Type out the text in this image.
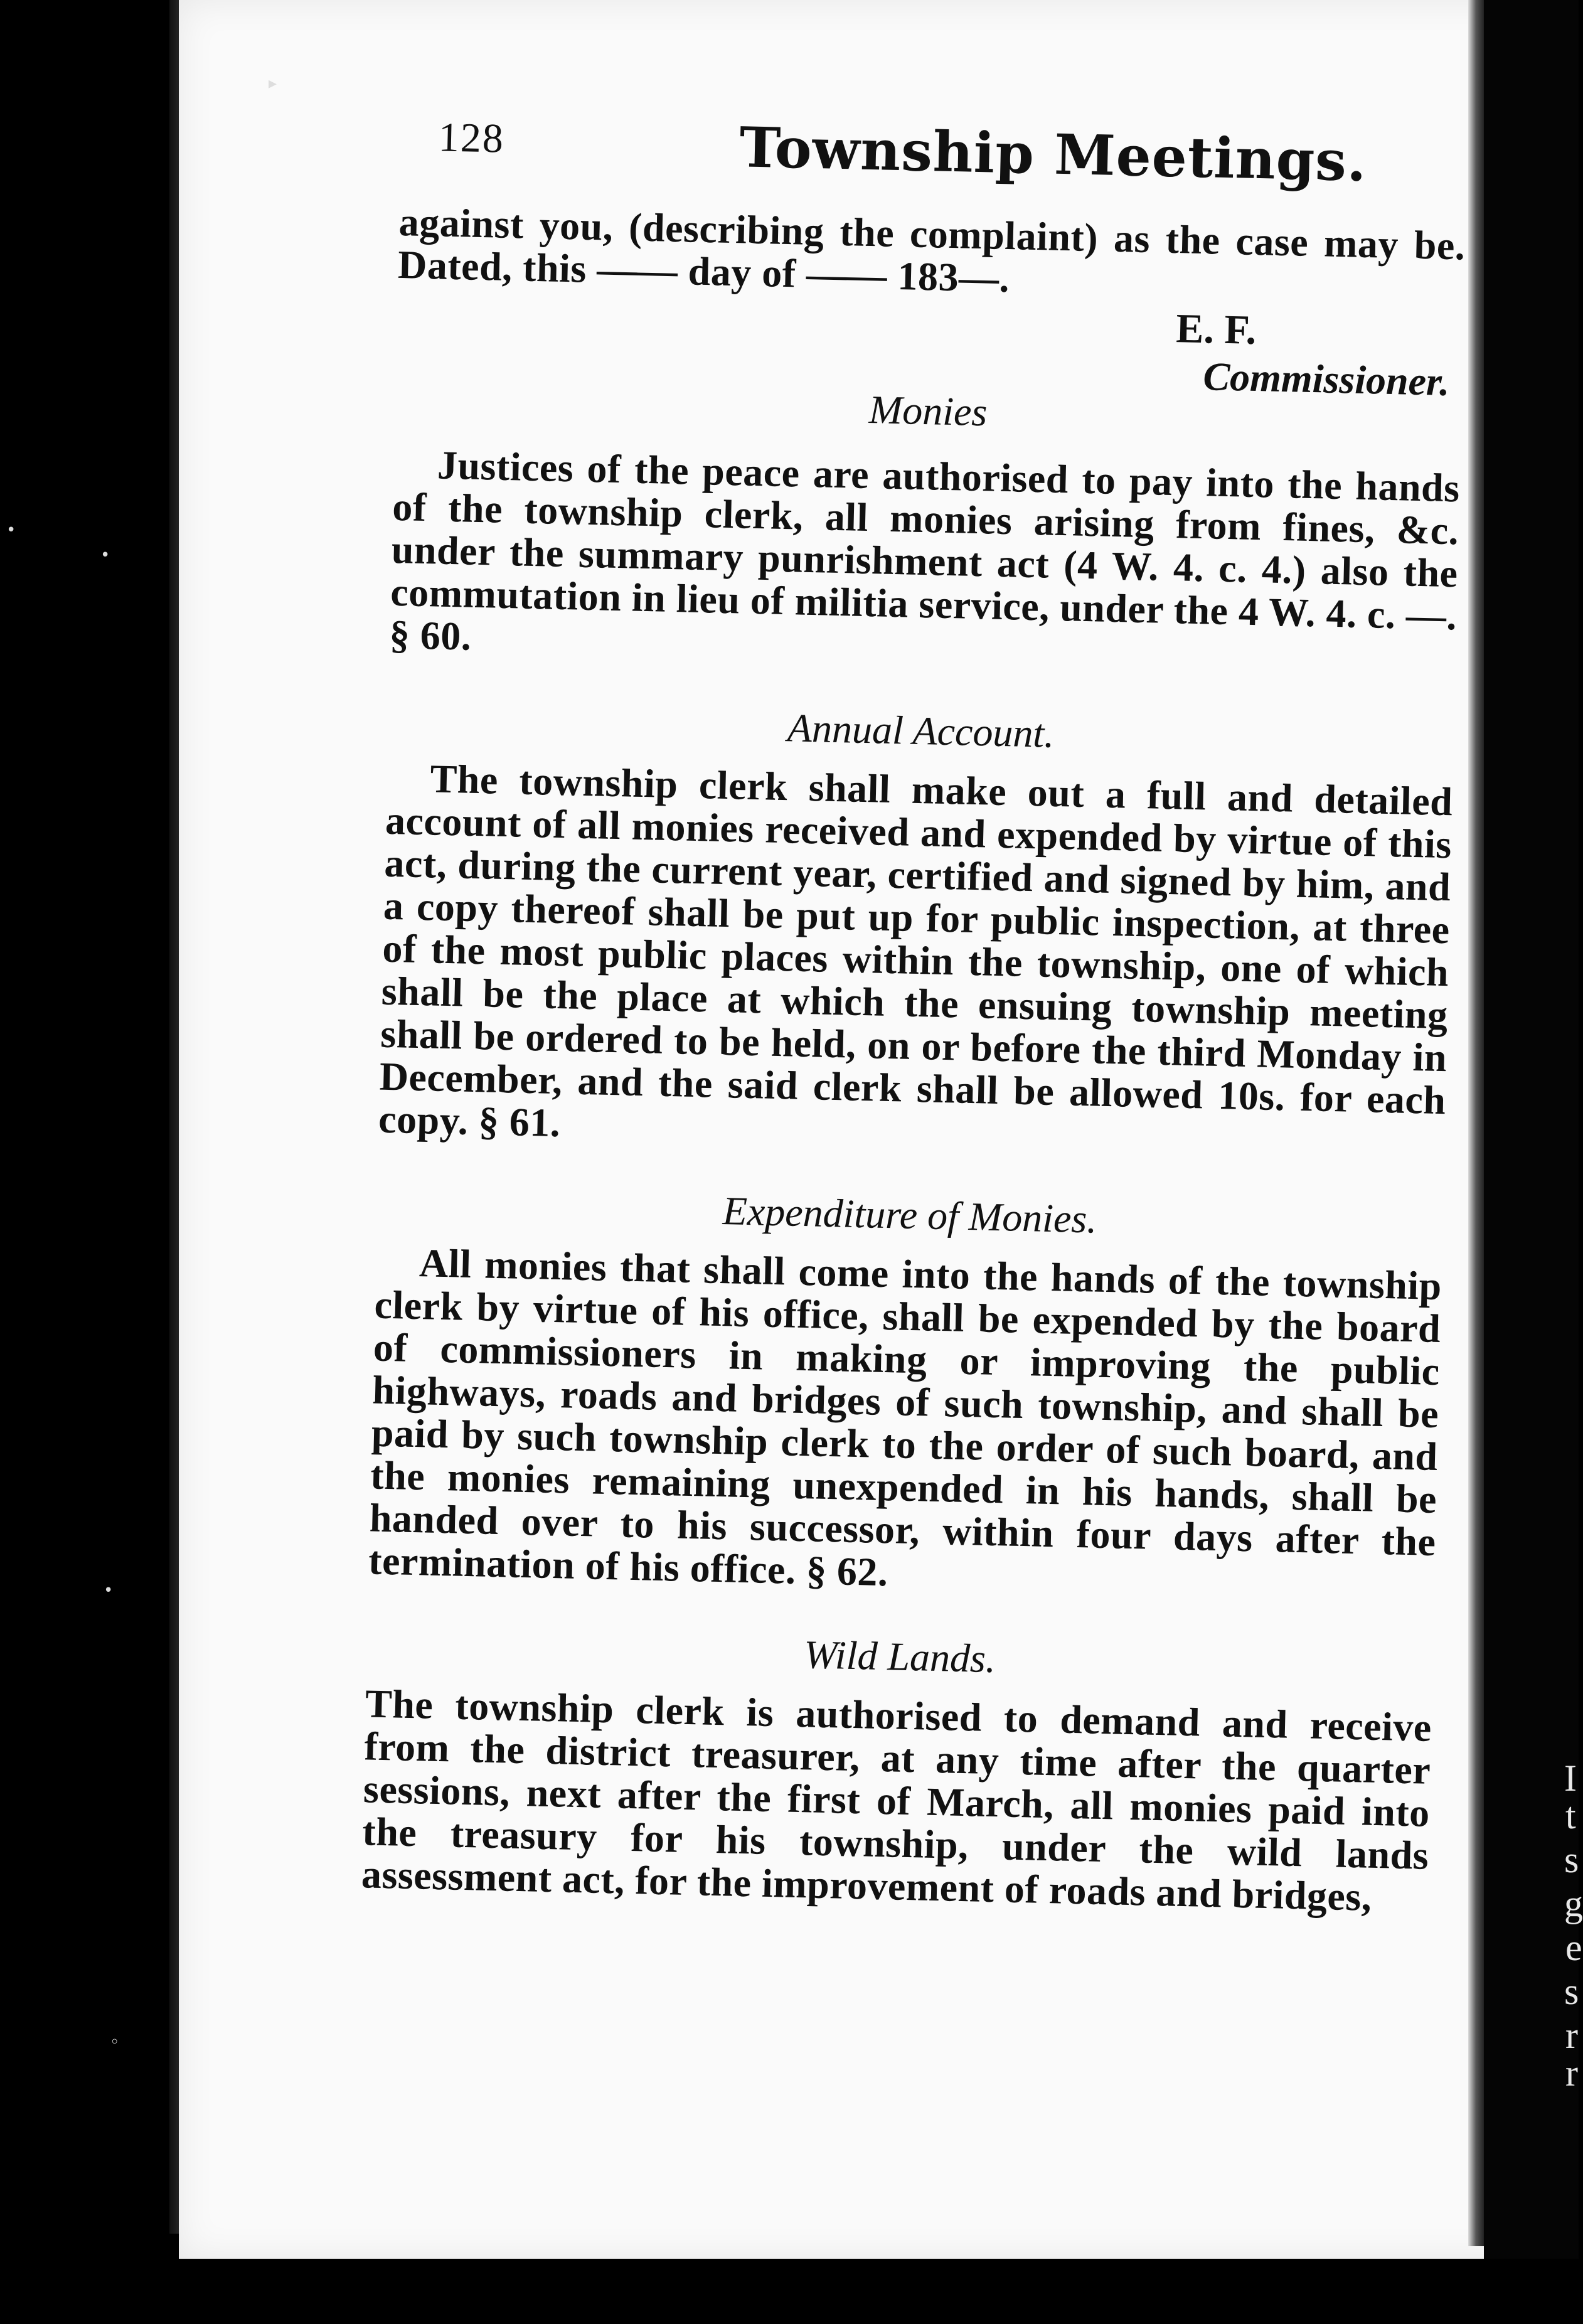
I
t
s
g
e
s
r
r
•
•
•
◦
▸
128	Township Meetings.

against you, (describing the complaint) as the case may be. Dated, this —— day of —— 183—.

E. F.
Commissioner.
Monies

Justices of the peace are authorised to pay into the hands of the township clerk, all monies arising from fines, &c. under the summary punrishment act (4 W. 4. c. 4.) also the commutation in lieu of militia service, under the 4 W. 4. c. —. § 60.

Annual Account.

The township clerk shall make out a full and detailed account of all monies received and expended by virtue of this act, during the current year, certified and signed by him, and a copy thereof shall be put up for public inspection, at three of the most public places within the township, one of which shall be the place at which the ensuing township meeting shall be ordered to be held, on or before the third Monday in December, and the said clerk shall be allowed 10s. for each copy. § 61.

Expenditure of Monies.

All monies that shall come into the hands of the township clerk by virtue of his office, shall be expended by the board of commissioners in making or improving the public highways, roads and bridges of such township, and shall be paid by such township clerk to the order of such board, and the monies remaining unexpended in his hands, shall be handed over to his successor, within four days after the termination of his office. § 62.

Wild Lands.

The township clerk is authorised to demand and receive from the district treasurer, at any time after the quarter sessions, next after the first of March, all monies paid into the treasury for his township, under the wild lands assessment act, for the improvement of roads and bridges,
